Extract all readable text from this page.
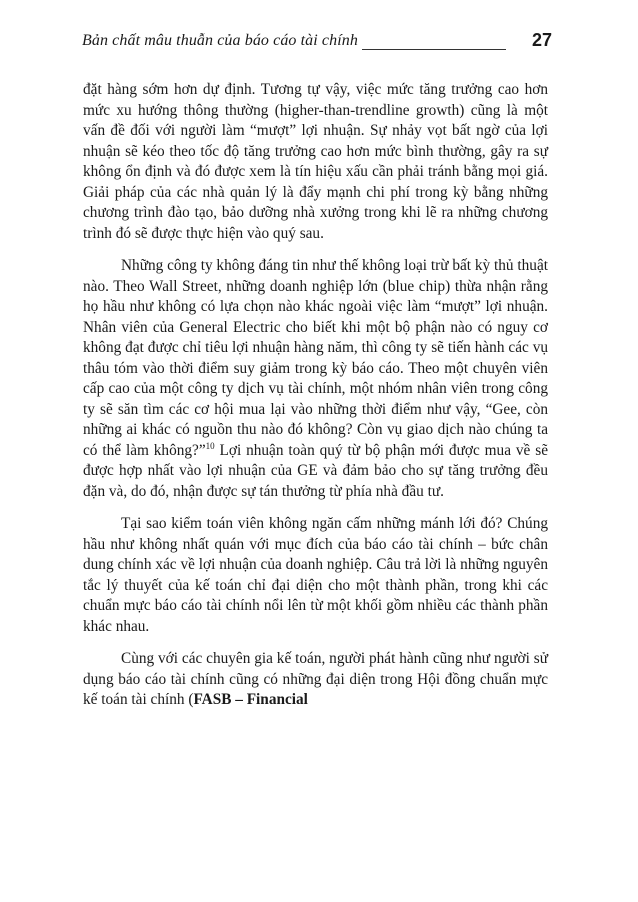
Bản chất mâu thuẫn của báo cáo tài chính	27

đặt hàng sớm hơn dự định. Tương tự vậy, việc mức tăng trưởng cao hơn mức xu hướng thông thường (higher-than-trendline growth) cũng là một vấn đề đối với người làm “mượt” lợi nhuận. Sự nhảy vọt bất ngờ của lợi nhuận sẽ kéo theo tốc độ tăng trưởng cao hơn mức bình thường, gây ra sự không ổn định và đó được xem là tín hiệu xấu cần phải tránh bằng mọi giá. Giải pháp của các nhà quản lý là đẩy mạnh chi phí trong kỳ bằng những chương trình đào tạo, bảo dưỡng nhà xưởng trong khi lẽ ra những chương trình đó sẽ được thực hiện vào quý sau.

Những công ty không đáng tin như thế không loại trừ bất kỳ thủ thuật nào. Theo Wall Street, những doanh nghiệp lớn (blue chip) thừa nhận rằng họ hầu như không có lựa chọn nào khác ngoài việc làm “mượt” lợi nhuận. Nhân viên của General Electric cho biết khi một bộ phận nào có nguy cơ không đạt được chỉ tiêu lợi nhuận hàng năm, thì công ty sẽ tiến hành các vụ thâu tóm vào thời điểm suy giảm trong kỳ báo cáo. Theo một chuyên viên cấp cao của một công ty dịch vụ tài chính, một nhóm nhân viên trong công ty sẽ săn tìm các cơ hội mua lại vào những thời điểm như vậy, “Gee, còn những ai khác có nguồn thu nào đó không? Còn vụ giao dịch nào chúng ta có thể làm không?”$^{10}$ Lợi nhuận toàn quý từ bộ phận mới được mua về sẽ được hợp nhất vào lợi nhuận của GE và đảm bảo cho sự tăng trưởng đều đặn và, do đó, nhận được sự tán thưởng từ phía nhà đầu tư.

Tại sao kiểm toán viên không ngăn cấm những mánh lới đó? Chúng hầu như không nhất quán với mục đích của báo cáo tài chính – bức chân dung chính xác về lợi nhuận của doanh nghiệp. Câu trả lời là những nguyên tắc lý thuyết của kế toán chỉ đại diện cho một thành phần, trong khi các chuẩn mực báo cáo tài chính nổi lên từ một khối gồm nhiều các thành phần khác nhau.

Cùng với các chuyên gia kế toán, người phát hành cũng như người sử dụng báo cáo tài chính cũng có những đại diện trong Hội đồng chuẩn mực kế toán tài chính (FASB – Financial
